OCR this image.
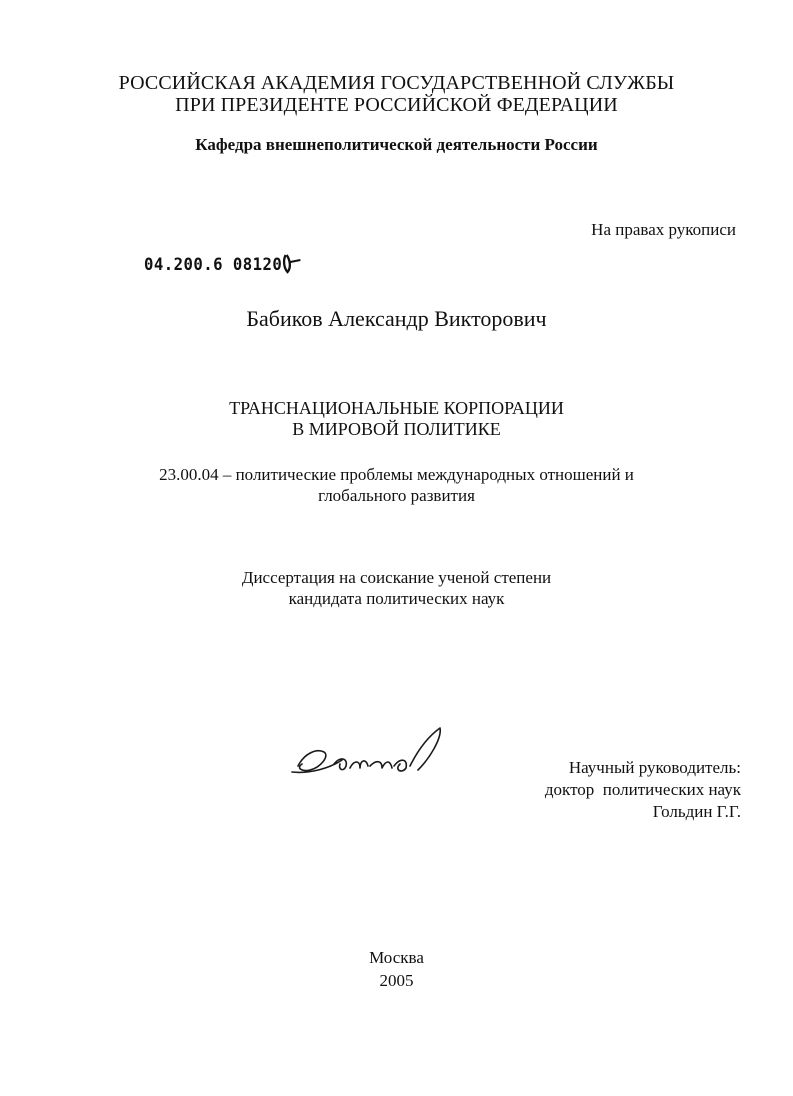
РОССИЙСКАЯ АКАДЕМИЯ ГОСУДАРСТВЕННОЙ СЛУЖБЫ
ПРИ ПРЕЗИДЕНТЕ РОССИЙСКОЙ ФЕДЕРАЦИИ
Кафедра внешнеполитической деятельности России
На правах рукописи
04.200.6 08120
Бабиков Александр Викторович
ТРАНСНАЦИОНАЛЬНЫЕ КОРПОРАЦИИ
В МИРОВОЙ ПОЛИТИКЕ
23.00.04 – политические проблемы международных отношений и
глобального развития
Диссертация на соискание ученой степени
кандидата политических наук
Научный руководитель:
доктор  политических наук
Гольдин Г.Г.
Москва
2005
